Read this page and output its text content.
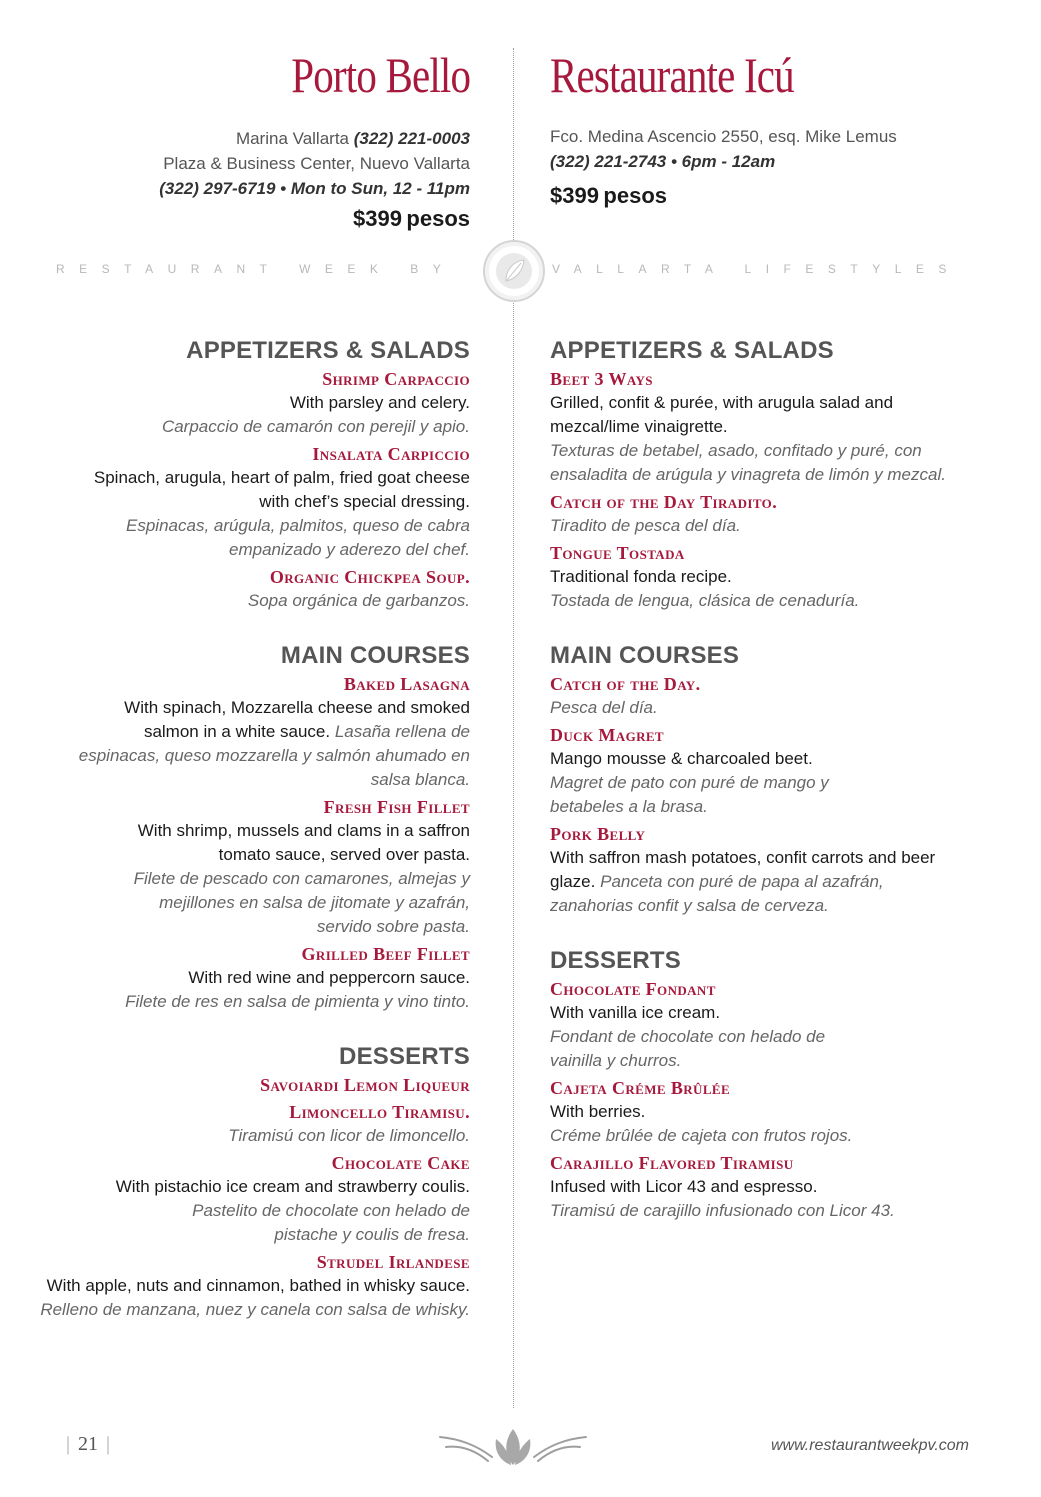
Porto Bello
Marina Vallarta (322) 221-0003
Plaza & Business Center, Nuevo Vallarta
(322) 297-6719 • Mon to Sun, 12 - 11pm
$399 pesos
APPETIZERS & SALADS
Shrimp Carpaccio
With parsley and celery.
Carpaccio de camarón con perejil y apio.
Insalata Carpiccio
Spinach, arugula, heart of palm, fried goat cheese with chef’s special dressing.
Espinacas, arúgula, palmitos, queso de cabra empanizado y aderezo del chef.
Organic Chickpea Soup.
Sopa orgánica de garbanzos.
MAIN COURSES
Baked Lasagna
With spinach, Mozzarella cheese and smoked salmon in a white sauce. Lasaña rellena de espinacas, queso mozzarella y salmón ahumado en salsa blanca.
Fresh Fish Fillet
With shrimp, mussels and clams in a saffron tomato sauce, served over pasta.
Filete de pescado con camarones, almejas y mejillones en salsa de jitomate y azafrán, servido sobre pasta.
Grilled Beef Fillet
With red wine and peppercorn sauce.
Filete de res en salsa de pimienta y vino tinto.
DESSERTS
Savoiardi Lemon Liqueur
Limoncello Tiramisu.
Tiramisú con licor de limoncello.
Chocolate Cake
With pistachio ice cream and strawberry coulis.
Pastelito de chocolate con helado de pistache y coulis de fresa.
Strudel Irlandese
With apple, nuts and cinnamon, bathed in whisky sauce. Relleno de manzana, nuez y canela con salsa de whisky.
Restaurante Icú
Fco. Medina Ascencio 2550, esq. Mike Lemus
(322) 221-2743 • 6pm - 12am
$399 pesos
APPETIZERS & SALADS
Beet 3 Ways
Grilled, confit & purée, with arugula salad and mezcal/lime vinaigrette.
Texturas de betabel, asado, confitado y puré, con ensaladita de arúgula y vinagreta de limón y mezcal.
Catch of the Day Tiradito.
Tiradito de pesca del día.
Tongue Tostada
Traditional fonda recipe.
Tostada de lengua, clásica de cenaduría.
MAIN COURSES
Catch of the Day.
Pesca del día.
Duck Magret
Mango mousse & charcoaled beet.
Magret de pato con puré de mango y betabeles a la brasa.
Pork Belly
With saffron mash potatoes, confit carrots and beer glaze. Panceta con puré de papa al azafrán, zanahorias confit y salsa de cerveza.
DESSERTS
Chocolate Fondant
With vanilla ice cream.
Fondant de chocolate con helado de vainilla y churros.
Cajeta Créme Brûlée
With berries.
Créme brûlée de cajeta con frutos rojos.
Carajillo Flavored Tiramisu
Infused with Licor 43 and espresso.
Tiramisú de carajillo infusionado con Licor 43.
RESTAURANT WEEK BY	VALLARTA LIFESTYLES
| 21 |	www.restaurantweekpv.com
